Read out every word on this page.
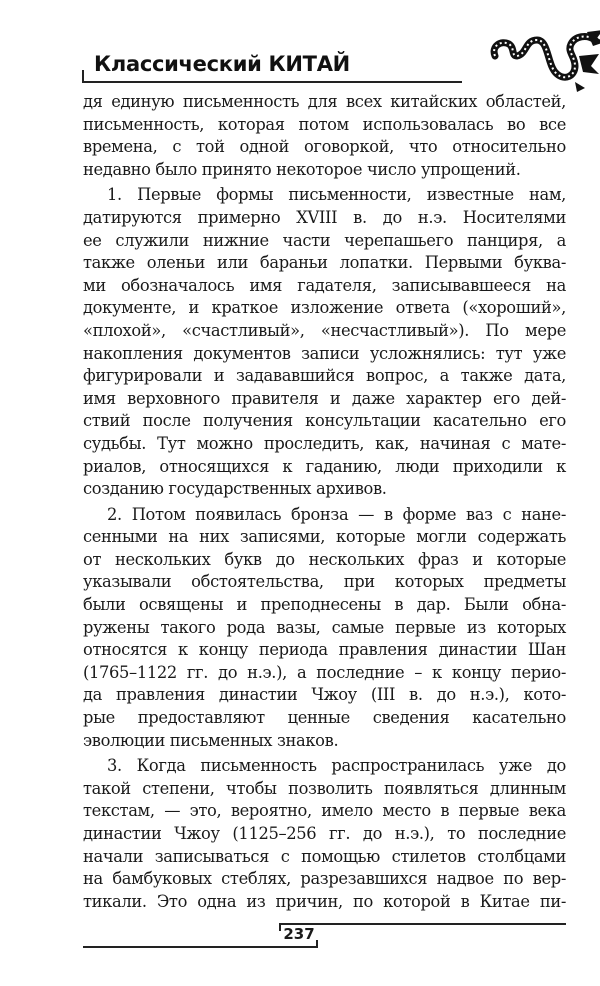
Классический КИТАЙ
дя единую письменность для всех китайских областей,
письменность, которая потом использовалась во все
времена, с той одной оговоркой, что относительно
недавно было принято некоторое число упрощений.
1. Первые формы письменности, известные нам,
датируются примерно XVIII в. до н.э. Носителями
ее служили нижние части черепашьего панциря, а
также оленьи или бараньи лопатки. Первыми буква-
ми обозначалось имя гадателя, записывавшееся на
документе, и краткое изложение ответа («хороший»,
«плохой», «счастливый», «несчастливый»). По мере
накопления документов записи усложнялись: тут уже
фигурировали и задававшийся вопрос, а также дата,
имя верховного правителя и даже характер его дей-
ствий после получения консультации касательно его
судьбы. Тут можно проследить, как, начиная с мате-
риалов, относящихся к гаданию, люди приходили к
созданию государственных архивов.
2. Потом появилась бронза — в форме ваз с нане-
сенными на них записями, которые могли содержать
от нескольких букв до нескольких фраз и которые
указывали обстоятельства, при которых предметы
были освящены и преподнесены в дар. Были обна-
ружены такого рода вазы, самые первые из которых
относятся к концу периода правления династии Шан
(1765–1122 гг. до н.э.), а последние – к концу перио-
да правления династии Чжоу (III в. до н.э.), кото-
рые предоставляют ценные сведения касательно
эволюции письменных знаков.
3. Когда письменность распространилась уже до
такой степени, чтобы позволить появляться длинным
текстам, — это, вероятно, имело место в первые века
династии Чжоу (1125–256 гг. до н.э.), то последние
начали записываться с помощью стилетов столбцами
на бамбуковых стеблях, разрезавшихся надвое по вер-
тикали. Это одна из причин, по которой в Китае пи-
237
